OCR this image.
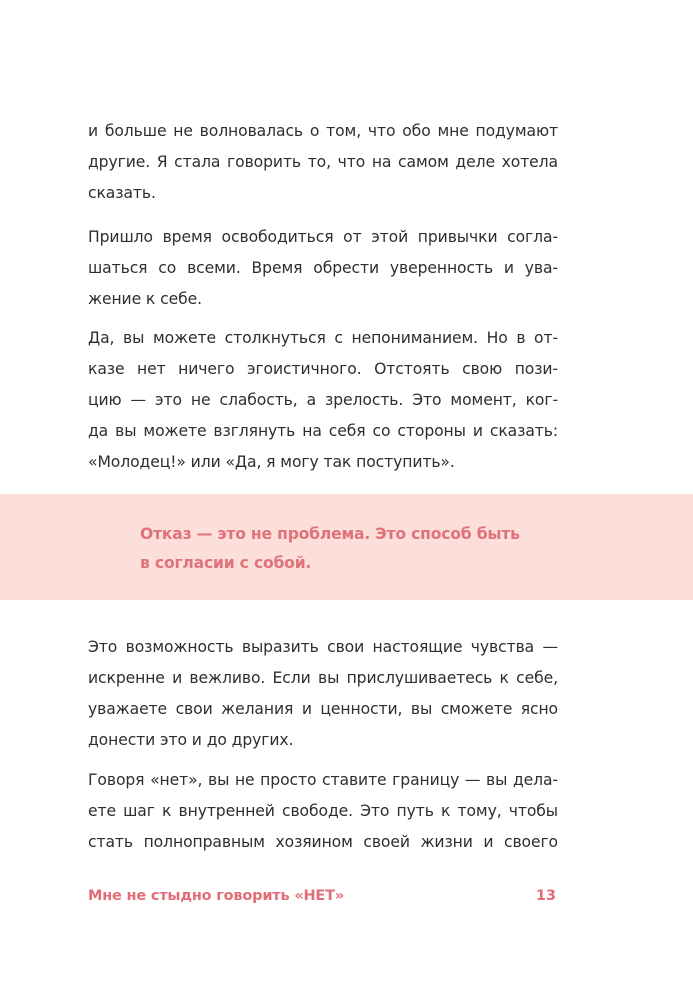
и больше не волновалась о том, что обо мне подумают
другие. Я стала говорить то, что на самом деле хотела
сказать.

Пришло время освободиться от этой привычки согла-
шаться со всеми. Время обрести уверенность и ува-
жение к себе.

Да, вы можете столкнуться с непониманием. Но в от-
казе нет ничего эгоистичного. Отстоять свою пози-
цию — это не слабость, а зрелость. Это момент, ког-
да вы можете взглянуть на себя со стороны и сказать:
«Молодец!» или «Да, я могу так поступить».

Отказ — это не проблема. Это способ быть
в согласии с собой.

Это возможность выразить свои настоящие чувства —
искренне и вежливо. Если вы прислушиваетесь к себе,
уважаете свои желания и ценности, вы сможете ясно
донести это и до других.

Говоря «нет», вы не просто ставите границу — вы дела-
ете шаг к внутренней свободе. Это путь к тому, чтобы
стать полноправным хозяином своей жизни и своего

Мне не стыдно говорить «НЕТ»	13
